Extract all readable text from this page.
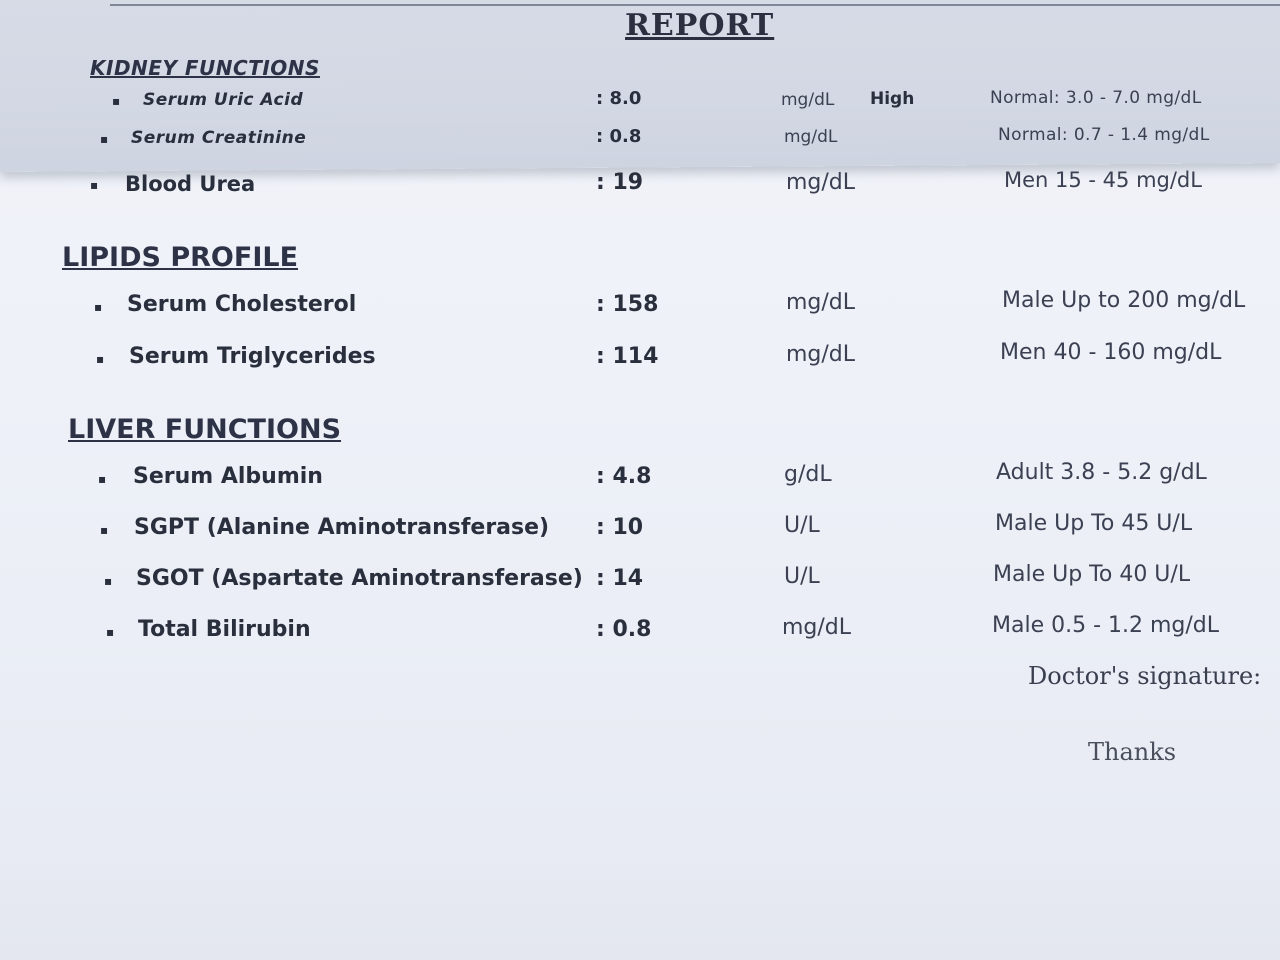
REPORT
KIDNEY FUNCTIONS
▪ Serum Uric Acid	: 8.0	mg/dL High	Normal: 3.0 - 7.0 mg/dL
▪ Serum Creatinine	: 0.8	mg/dL	Normal: 0.7 - 1.4 mg/dL
▪ Blood Urea	: 19	mg/dL	Men 15 - 45 mg/dL
LIPIDS PROFILE
▪ Serum Cholesterol	: 158	mg/dL	Male Up to 200 mg/dL
▪ Serum Triglycerides	: 114	mg/dL	Men 40 - 160 mg/dL
LIVER FUNCTIONS
▪ Serum Albumin	: 4.8	g/dL	Adult 3.8 - 5.2 g/dL
▪ SGPT (Alanine Aminotransferase) : 10	U/L	Male Up To 45 U/L
▪ SGOT (Aspartate Aminotransferase) : 14	U/L	Male Up To 40 U/L
▪ Total Bilirubin	: 0.8	mg/dL	Male 0.5 - 1.2 mg/dL
Doctor's signature:
Thanks
